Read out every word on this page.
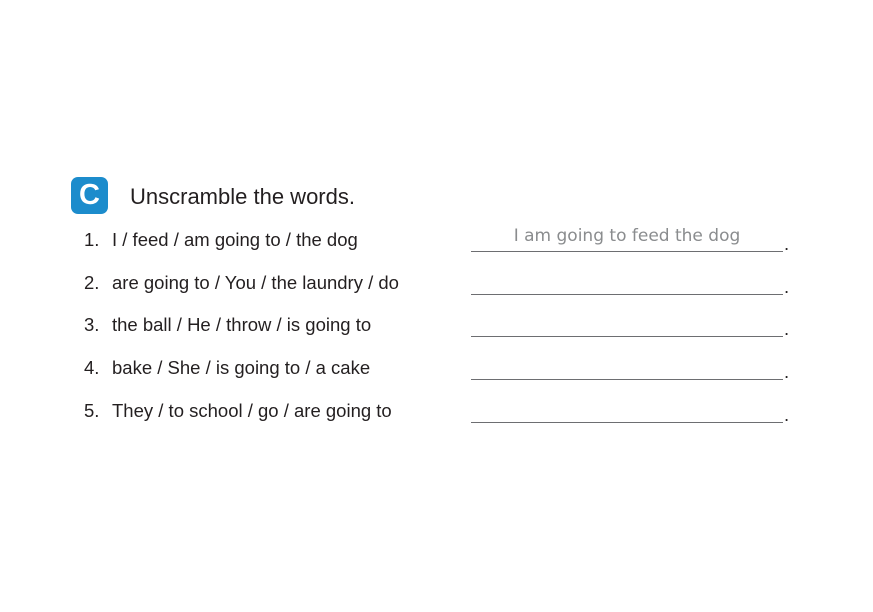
C	Unscramble the words.
1. I / feed / am going to / the dog	I am going to feed the dog	.
2. are going to / You / the laundry / do	.
3. the ball / He / throw / is going to	.
4. bake / She / is going to / a cake	.
5. They / to school / go / are going to	.
